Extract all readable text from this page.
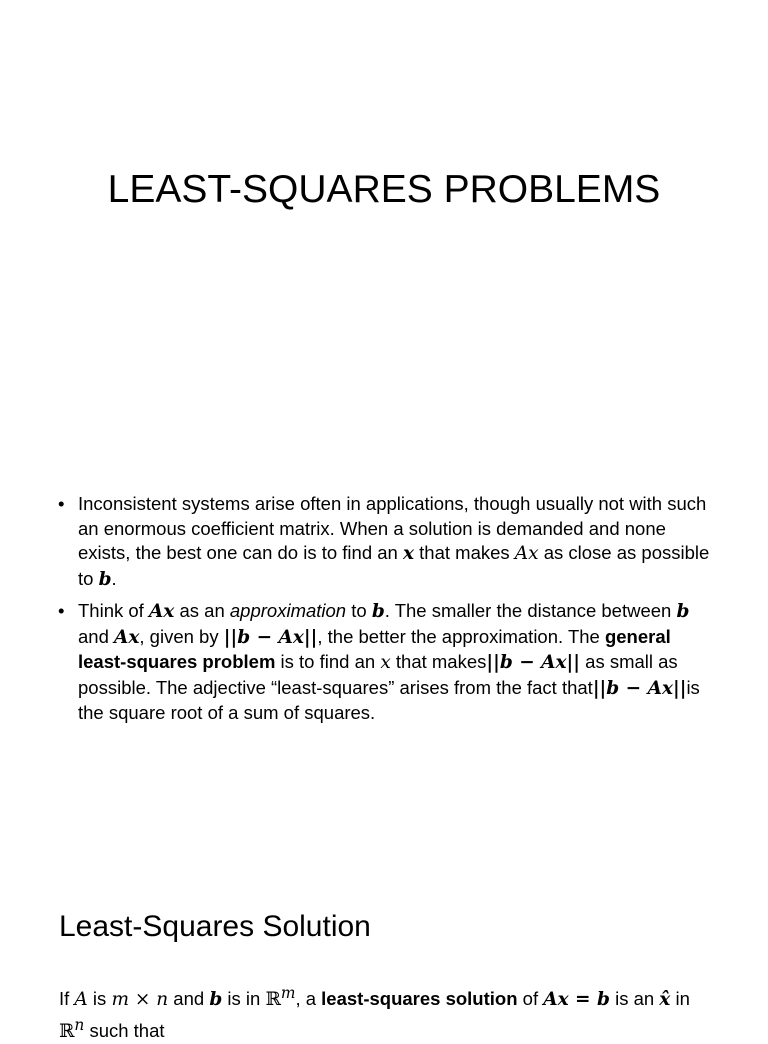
LEAST-SQUARES PROBLEMS
• Inconsistent systems arise often in applications, though usually not with such an enormous coefficient matrix. When a solution is demanded and none exists, the best one can do is to find an x that makes Ax as close as possible to b.
• Think of Ax as an approximation to b. The smaller the distance between b and Ax, given by ||b − Ax||, the better the approximation. The general least-squares problem is to find an x that makes||b − Ax|| as small as possible. The adjective “least-squares” arises from the fact that||b − Ax||is the square root of a sum of squares.
Least-Squares Solution

If A is m × n and b is in ℝ$^m$, a least-squares solution of Ax = b is an x̂ in ℝ$^n$ such that
